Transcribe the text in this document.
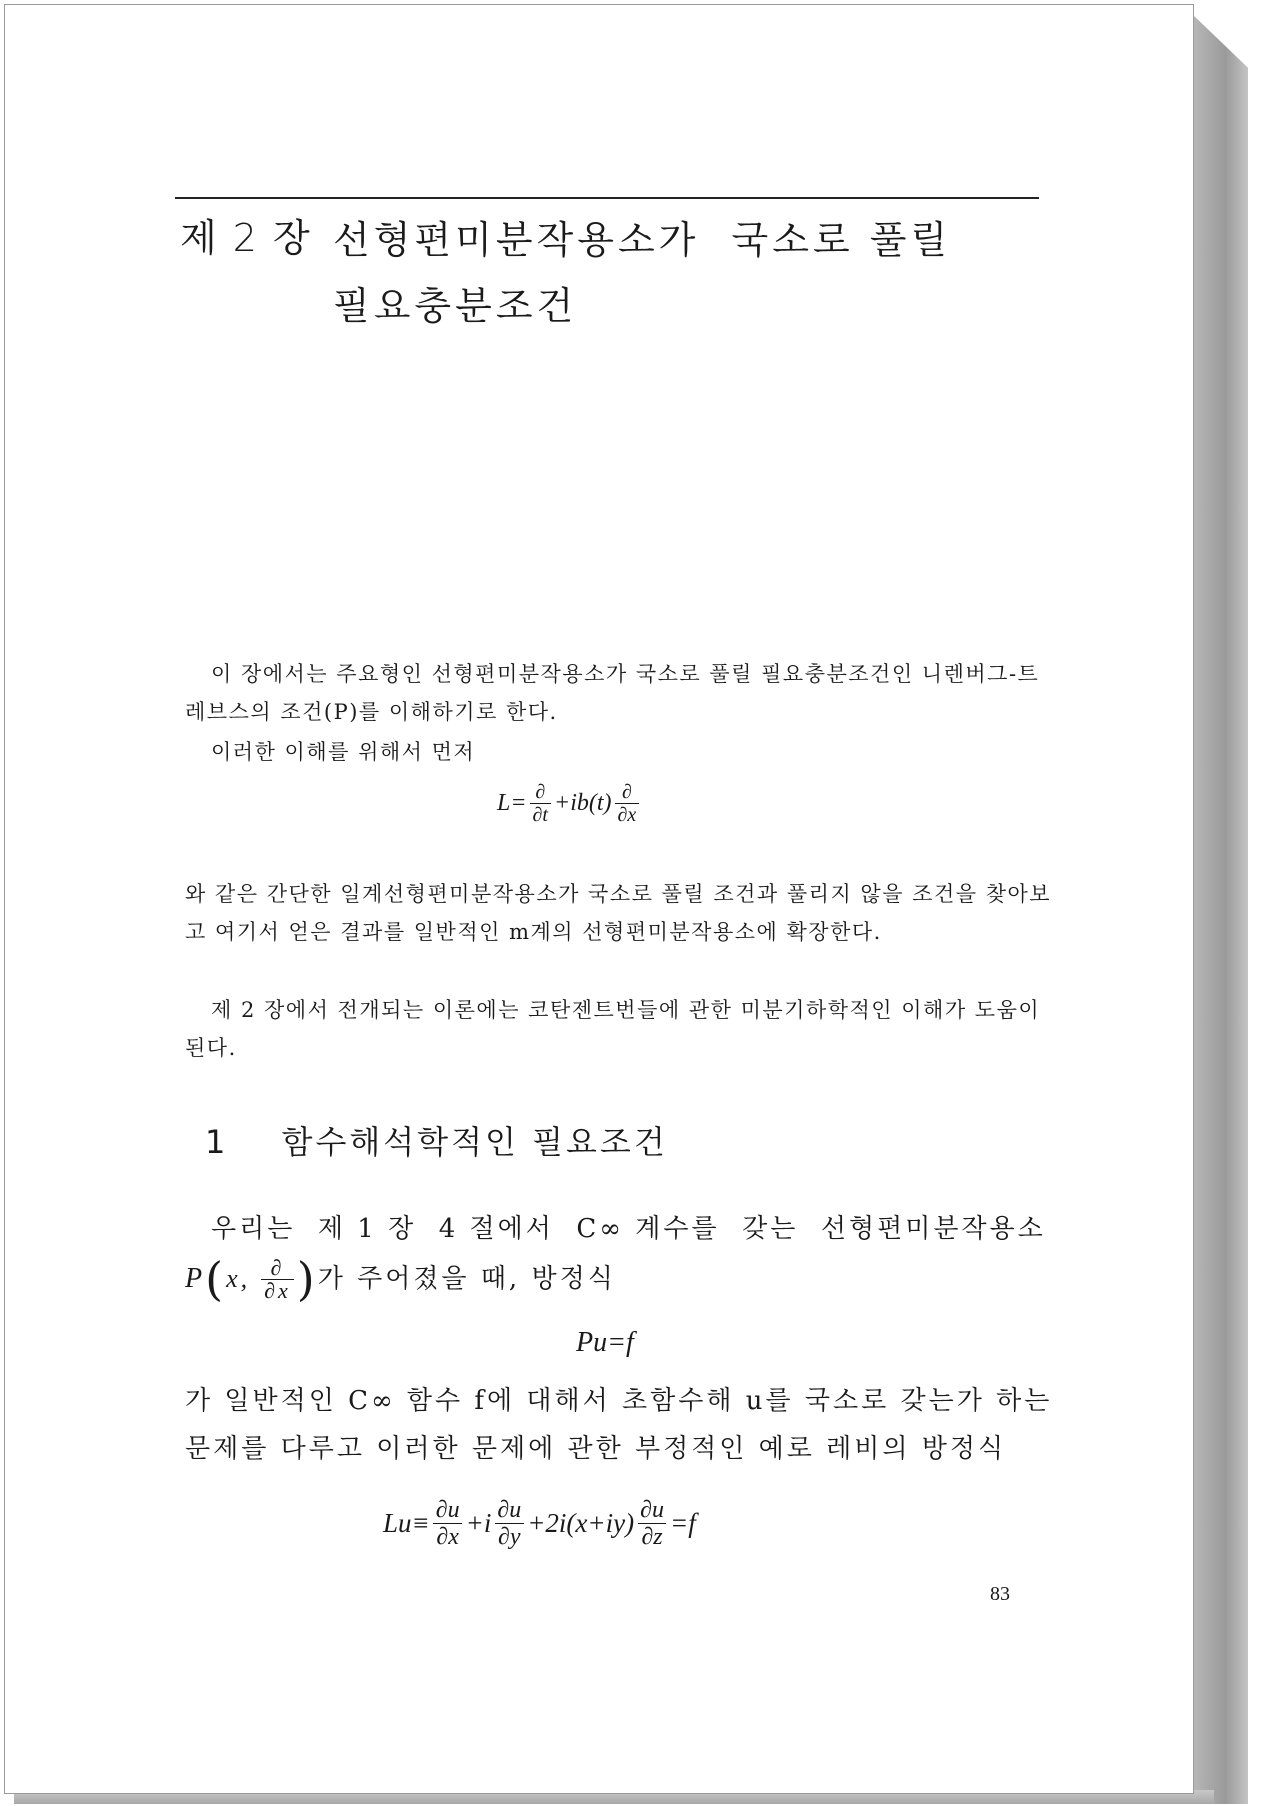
제 2 장 선형편미분작용소가  국소로 풀릴
필요충분조건
이 장에서는 주요형인 선형편미분작용소가 국소로 풀릴 필요충분조건인 니렌버그-트레브스의 조건(P)를 이해하기로 한다.
이러한 이해를 위해서 먼저
$L= \frac{\partial}{\partial t} +ib(t) \frac{\partial}{\partial x}$
와 같은 간단한 일계선형편미분작용소가 국소로 풀릴 조건과 풀리지 않을 조건을 찾아보고 여기서 얻은 결과를 일반적인 m계의 선형편미분작용소에 확장한다.
제 2 장에서 전개되는 이론에는 코탄젠트번들에 관한 미분기하학적인 이해가 도움이 된다.
1 함수해석학적인 필요조건
우리는  제 1 장  4 절에서  C∞ 계수를  갖는  선형편미분작용소
P ( x, $\frac{\partial}{\partial x}$ ) 가 주어졌을 때, 방정식
Pu=f
가 일반적인 C∞ 함수 f에 대해서 초함수해 u를 국소로 갖는가 하는 문제를 다루고 이러한 문제에 관한 부정적인 예로 레비의 방정식
$Lu\equiv \frac{\partial u}{\partial x} +i \frac{\partial u}{\partial y} +2i(x+iy) \frac{\partial u}{\partial z} =f$
83
